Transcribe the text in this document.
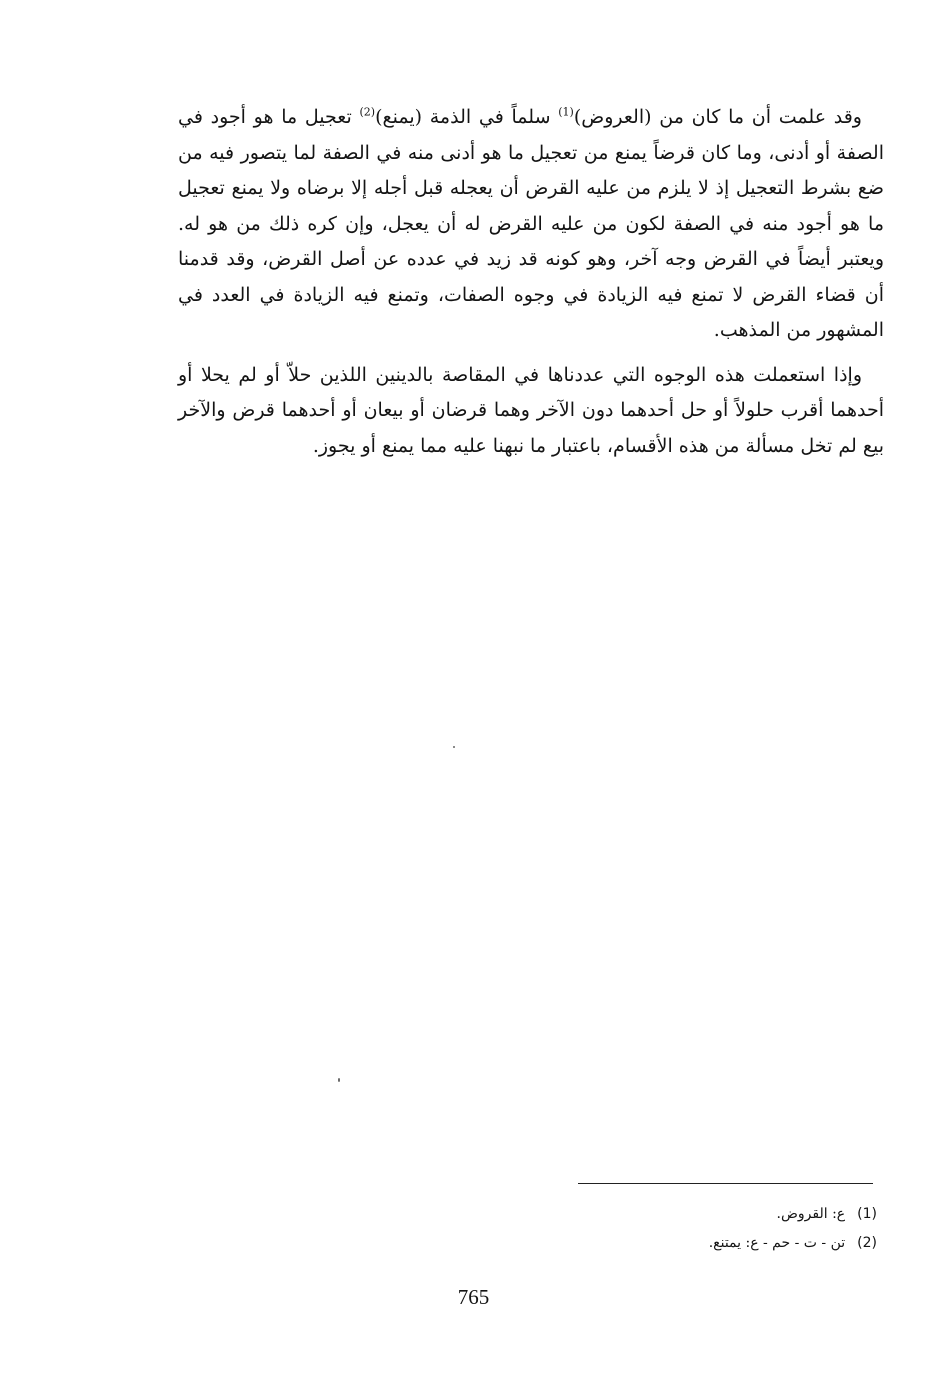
وقد علمت أن ما كان من (العروض)$^{(1)}$ سلماً في الذمة (يمنع)$^{(2)}$ تعجيل ما هو أجود في الصفة أو أدنى، وما كان قرضاً يمنع من تعجيل ما هو أدنى منه في الصفة لما يتصور فيه من ضع بشرط التعجيل إذ لا يلزم من عليه القرض أن يعجله قبل أجله إلا برضاه ولا يمنع تعجيل ما هو أجود منه في الصفة لكون من عليه القرض له أن يعجل، وإن كره ذلك من هو له. ويعتبر أيضاً في القرض وجه آخر، وهو كونه قد زيد في عدده عن أصل القرض، وقد قدمنا أن قضاء القرض لا تمنع فيه الزيادة في وجوه الصفات، وتمنع فيه الزيادة في العدد في المشهور من المذهب.

وإذا استعملت هذه الوجوه التي عددناها في المقاصة بالدينين اللذين حلاّ أو لم يحلا أو أحدهما أقرب حلولاً أو حل أحدهما دون الآخر وهما قرضان أو بيعان أو أحدهما قرض والآخر بيع لم تخل مسألة من هذه الأقسام، باعتبار ما نبهنا عليه مما يمنع أو يجوز.

(1)ع: القروض.
(2)تن - ت - حم - ع: يمتنع.
765
